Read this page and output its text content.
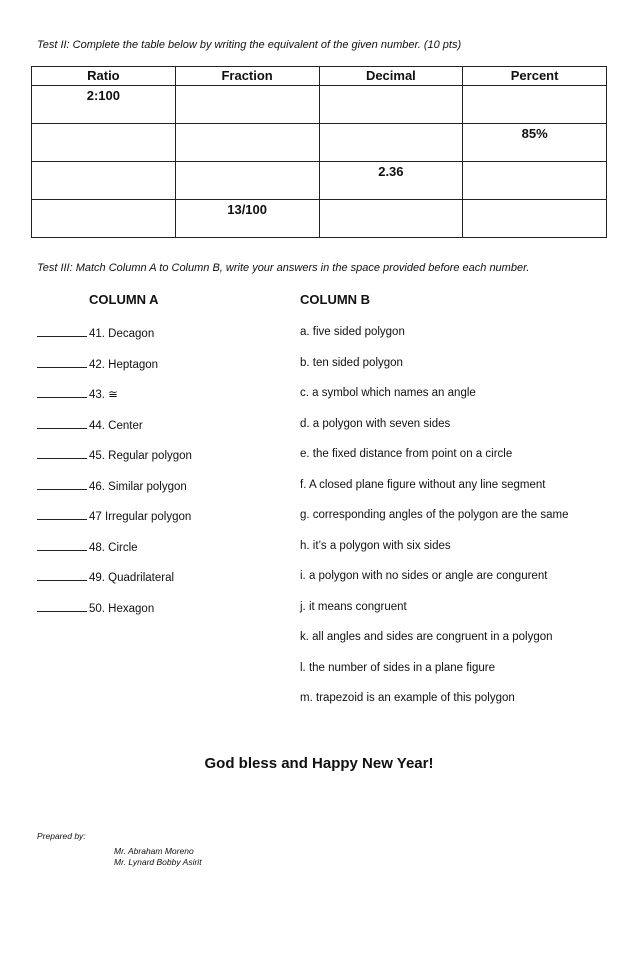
Test II: Complete the table below by writing the equivalent of the given number. (10 pts)
Ratio	Fraction	Decimal	Percent
2:100			
			85%
		2.36	
	13/100		
Test III: Match Column A to Column B, write your answers in the space provided before each number.
COLUMN A	COLUMN B
41. Decagon
42. Heptagon
43. ≅
44. Center
45. Regular polygon
46. Similar polygon
47 Irregular polygon
48. Circle
49. Quadrilateral
50. Hexagon
a. five sided polygon
b. ten sided polygon
c. a symbol which names an angle
d. a polygon with seven sides
e. the fixed distance from point on a circle
f. A closed plane figure without any line segment
g. corresponding angles of the polygon are the same
h. it’s a polygon with six sides
i. a polygon with no sides or angle are congurent
j. it means congruent
k. all angles and sides are congruent in a polygon
l. the number of sides in a plane figure
m. trapezoid is an example of this polygon
God bless and Happy New Year!
Prepared by:
Mr. Abraham Moreno
Mr. Lynard Bobby Asirit
